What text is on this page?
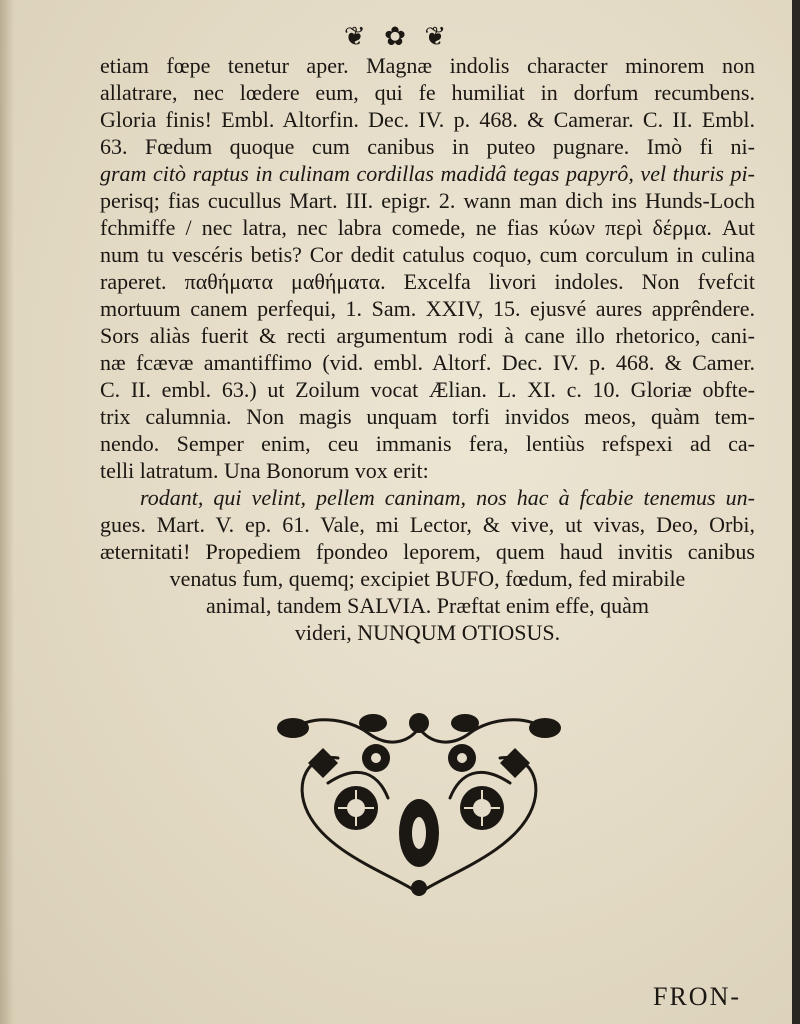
❦ ✿ ❦
etiam fœpe tenetur aper. Magnæ indolis character minorem non
allatrare, nec lœdere eum, qui fe humiliat in dorfum recumbens.
Gloria finis! Embl. Altorfin. Dec. IV. p. 468. & Camerar. C. II. Embl.
63. Fœdum quoque cum canibus in puteo pugnare. Imò fi ni-
gram citò raptus in culinam cordillas madidâ tegas papyrô, vel thuris pi-
perisq; fias cucullus Mart. III. epigr. 2. wann man dich ins Hunds-Loch
fchmiffe / nec latra, nec labra comede, ne fias κύων περὶ δέρμα. Aut
num tu vescéris betis? Cor dedit catulus coquo, cum corculum in culina
raperet. παθήματα μαθήματα. Excelfa livori indoles. Non fvefcit
mortuum canem perfequi, 1. Sam. XXIV, 15. ejusvé aures apprêndere.
Sors aliàs fuerit & recti argumentum rodi à cane illo rhetorico, cani-
næ fcævæ amantiffimo (vid. embl. Altorf. Dec. IV. p. 468. & Camer.
C. II. embl. 63.) ut Zoilum vocat Ælian. L. XI. c. 10. Gloriæ obfte-
trix calumnia. Non magis unquam torfi invidos meos, quàm tem-
nendo. Semper enim, ceu immanis fera, lentiùs refspexi ad ca-
telli latratum. Una Bonorum vox erit:
rodant, qui velint, pellem caninam, nos hac à fcabie tenemus un-
gues. Mart. V. ep. 61. Vale, mi Lector, & vive, ut vivas, Deo, Orbi,
æternitati! Propediem fpondeo leporem, quem haud invitis canibus
venatus fum, quemq; excipiet BUFO, fœdum, fed mirabile
animal, tandem SALVIA. Præftat enim effe, quàm
videri, NUNQUM OTIOSUS.
FRON-
